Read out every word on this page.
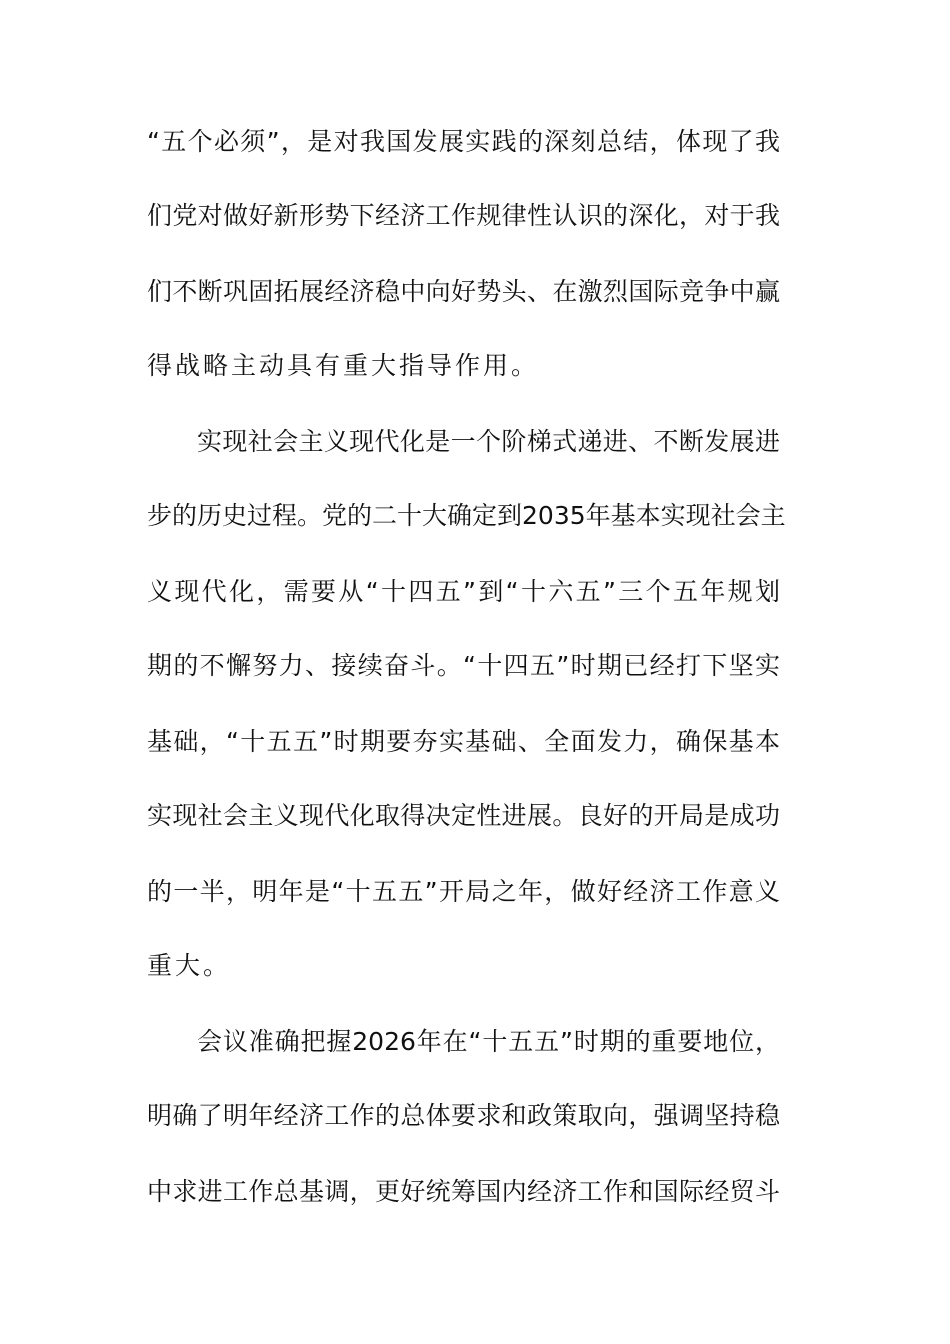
“五个必须”，是对我国发展实践的深刻总结，体现了我
们党对做好新形势下经济工作规律性认识的深化，对于我
们不断巩固拓展经济稳中向好势头、在激烈国际竞争中赢
得战略主动具有重大指导作用。
实现社会主义现代化是一个阶梯式递进、不断发展进
步的历史过程。党的二十大确定到2035年基本实现社会主
义现代化，需要从“十四五”到“十六五”三个五年规划
期的不懈努力、接续奋斗。“十四五”时期已经打下坚实
基础，“十五五”时期要夯实基础、全面发力，确保基本
实现社会主义现代化取得决定性进展。良好的开局是成功
的一半，明年是“十五五”开局之年，做好经济工作意义
重大。
会议准确把握2026年在“十五五”时期的重要地位，
明确了明年经济工作的总体要求和政策取向，强调坚持稳
中求进工作总基调，更好统筹国内经济工作和国际经贸斗
